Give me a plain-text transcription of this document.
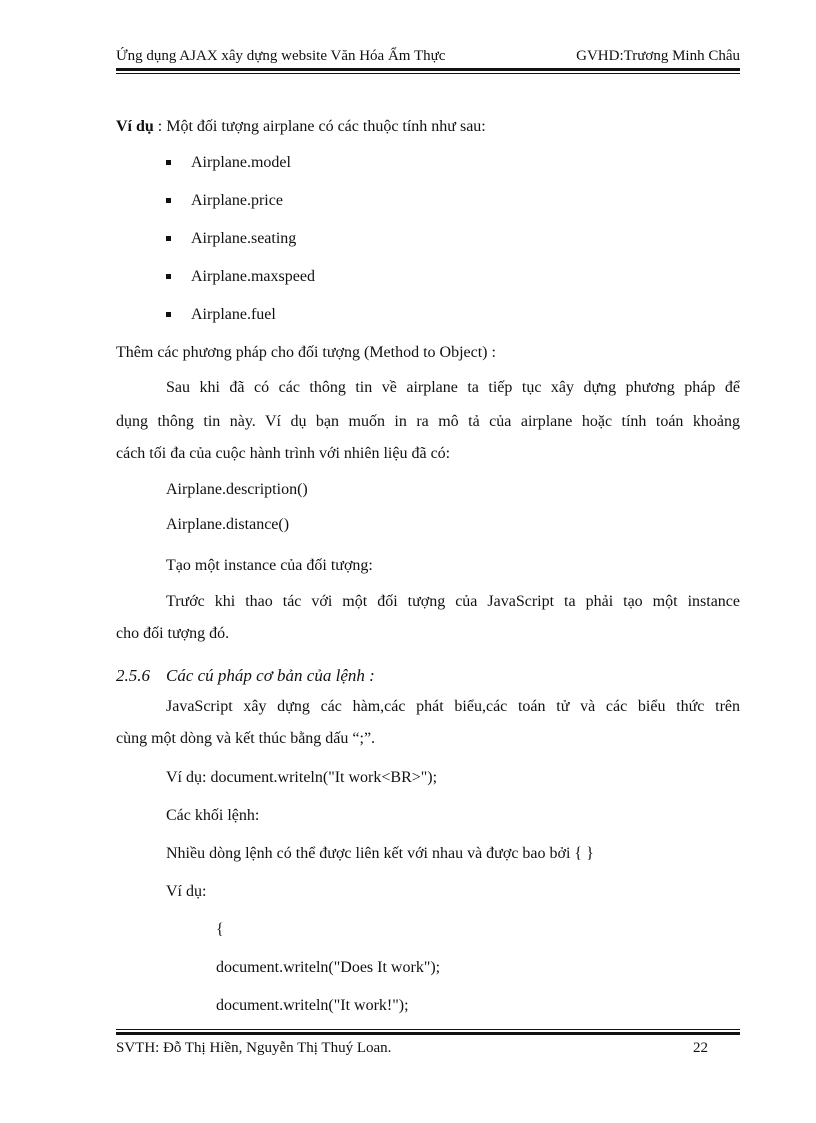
Ứng dụng AJAX xây dựng website Văn Hóa Ẩm Thực	GVHD:Trương Minh Châu
Ví dụ : Một đối tượng airplane có các thuộc tính như sau:
Airplane.model
Airplane.price
Airplane.seating
Airplane.maxspeed
Airplane.fuel
Thêm các phương pháp cho đối tượng (Method to Object) :
Sau khi đã có các thông tin về airplane ta tiếp tục xây dựng phương pháp để
dụng thông tin này. Ví dụ bạn muốn in ra mô tả của airplane hoặc tính toán khoảng
cách tối đa của cuộc hành trình với nhiên liệu đã có:
Airplane.description()
Airplane.distance()
Tạo một instance của đối tượng:
Trước khi thao tác với một đối tượng của JavaScript ta phải tạo một instance
cho đối tượng đó.
2.5.6 Các cú pháp cơ bản của lệnh :
JavaScript xây dựng các hàm,các phát biểu,các toán tử và các biểu thức trên
cùng một dòng và kết thúc bằng dấu “;”.
Ví dụ: document.writeln("It work<BR>");
Các khối lệnh:
Nhiều dòng lệnh có thể được liên kết với nhau và được bao bởi { }
Ví dụ:
{
document.writeln("Does It work");
document.writeln("It work!");
SVTH: Đỗ Thị Hiền, Nguyễn Thị Thuý Loan.	22
